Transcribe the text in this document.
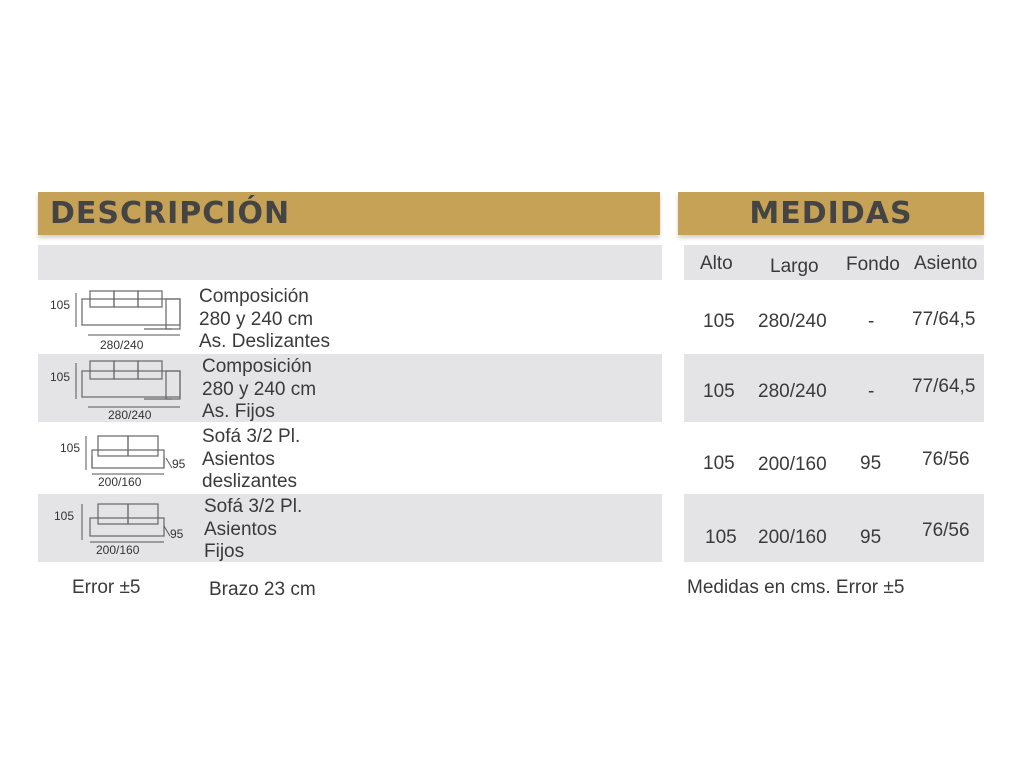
DESCRIPCIÓN	MEDIDAS
Alto Largo Fondo Asiento
105
280/240
Composición
280 y 240 cm
As. Deslizantes
105 280/240 - 77/64,5
105
280/240
Composición
280 y 240 cm
As. Fijos
105 280/240 - 77/64,5
105
95
200/160
Sofá 3/2 Pl.
Asientos
deslizantes
105 200/160 95 76/56
105
95
200/160
Sofá 3/2 Pl.
Asientos
Fijos
105 200/160 95 76/56
Error ±5	Brazo 23 cm	Medidas en cms. Error ±5
